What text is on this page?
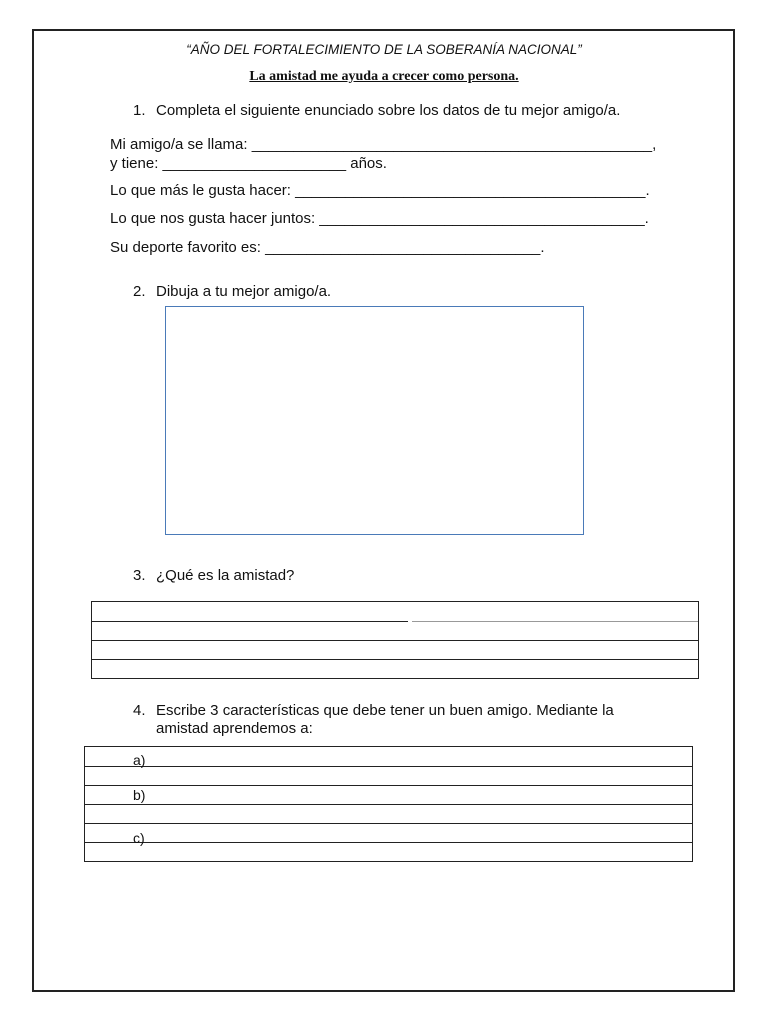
“AÑO DEL FORTALECIMIENTO DE LA SOBERANÍA NACIONAL”
La amistad me ayuda a crecer como persona.
1. Completa el siguiente enunciado sobre los datos de tu mejor amigo/a.
Mi amigo/a se llama: ________________________________________________,
y tiene: ______________________ años.
Lo que más le gusta hacer: __________________________________________.
Lo que nos gusta hacer juntos: _______________________________________.
Su deporte favorito es: _________________________________.
2. Dibuja a tu mejor amigo/a.
3. ¿Qué es la amistad?
4. Escribe 3 características que debe tener un buen amigo. Mediante la
amistad aprendemos a:
a)
b)
c)
